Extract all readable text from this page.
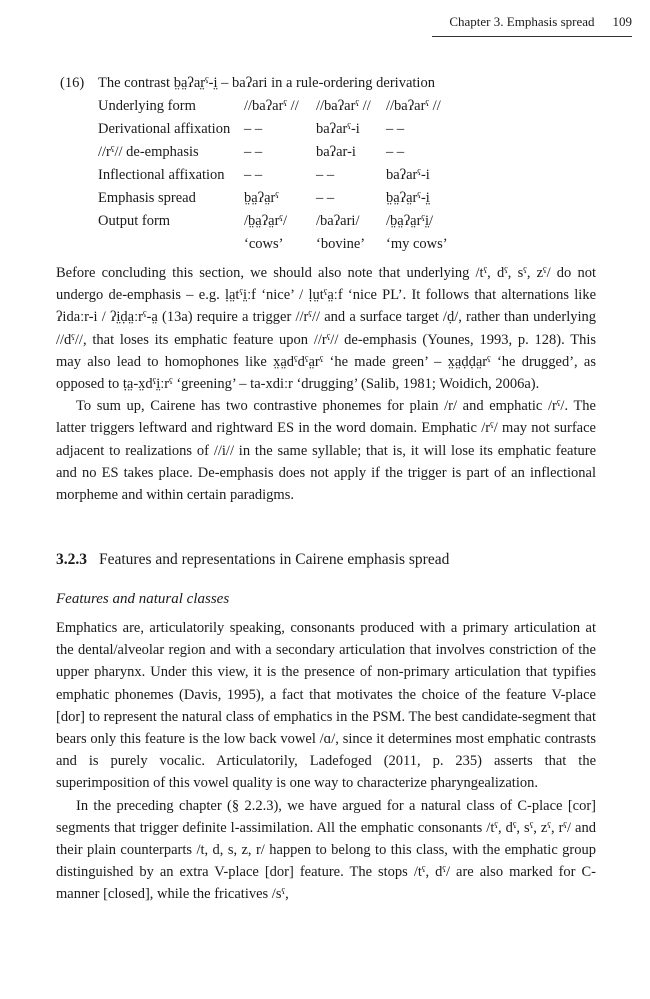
Chapter 3. Emphasis spread 109
(16) The contrast b̤a̤ʔar̤ˤ-i̤ – baʔari in a rule-ordering derivation
Underlying form	//baʔarˤ //	//baʔarˤ //	//baʔarˤ //
Derivational affixation	– –	baʔarˤ-i	– –
//rˤ// de-emphasis	– –	baʔar-i	– –
Inflectional affixation	– –	– –	baʔarˤ-i
Emphasis spread	b̤a̤ʔa̤rˤ	– –	b̤a̤ʔa̤rˤ-i̤
Output form	/b̤a̤ʔa̤rˤ/	/baʔari/	/b̤a̤ʔa̤rˤi̤/
	‘cows’	‘bovine’	‘my cows’

Before concluding this section, we should also note that underlying /tˤ, dˤ, sˤ, zˤ/ do not undergo de-emphasis – e.g. ḷa̤tˤi̤ːf ‘nice’ / ḷṳtˤa̤ːf ‘nice PL’. It follows that alternations like ʔidaːr-i / ʔi̤ḍa̤ːrˤ-a̤ (13a) require a trigger //rˤ// and a surface target /ḍ/, rather than underlying //dˤ//, that loses its emphatic feature upon //rˤ// de-emphasis (Younes, 1993, p. 128). This may also lead to homophones like x̤a̤dˤdˤa̤rˤ ‘he made green’ – x̤a̤ḍḍa̤rˤ ‘he drugged’, as opposed to ṭa̤-x̤dˤi̤ːrˤ ‘greening’ – ta-xdiːr ‘drugging’ (Salib, 1981; Woidich, 2006a).

To sum up, Cairene has two contrastive phonemes for plain /r/ and emphatic /rˤ/. The latter triggers leftward and rightward ES in the word domain. Emphatic /rˤ/ may not surface adjacent to realizations of //i// in the same syllable; that is, it will lose its emphatic feature and no ES takes place. De-emphasis does not apply if the trigger is part of an inflectional morpheme and within certain paradigms.

3.2.3 Features and representations in Cairene emphasis spread
Features and natural classes

Emphatics are, articulatorily speaking, consonants produced with a primary articulation at the dental/alveolar region and with a secondary articulation that involves constriction of the upper pharynx. Under this view, it is the presence of non-primary articulation that typifies emphatic phonemes (Davis, 1995), a fact that motivates the choice of the feature V-place [dor] to represent the natural class of emphatics in the PSM. The best candidate-segment that bears only this feature is the low back vowel /ɑ/, since it determines most emphatic contrasts and is purely vocalic. Articulatorily, Ladefoged (2011, p. 235) asserts that the superimposition of this vowel quality is one way to characterize pharyngealization.

In the preceding chapter (§ 2.2.3), we have argued for a natural class of C-place [cor] segments that trigger definite l-assimilation. All the emphatic consonants /tˤ, dˤ, sˤ, zˤ, rˤ/ and their plain counterparts /t, d, s, z, r/ happen to belong to this class, with the emphatic group distinguished by an extra V-place [dor] feature. The stops /tˤ, dˤ/ are also marked for C-manner [closed], while the fricatives /sˤ,
